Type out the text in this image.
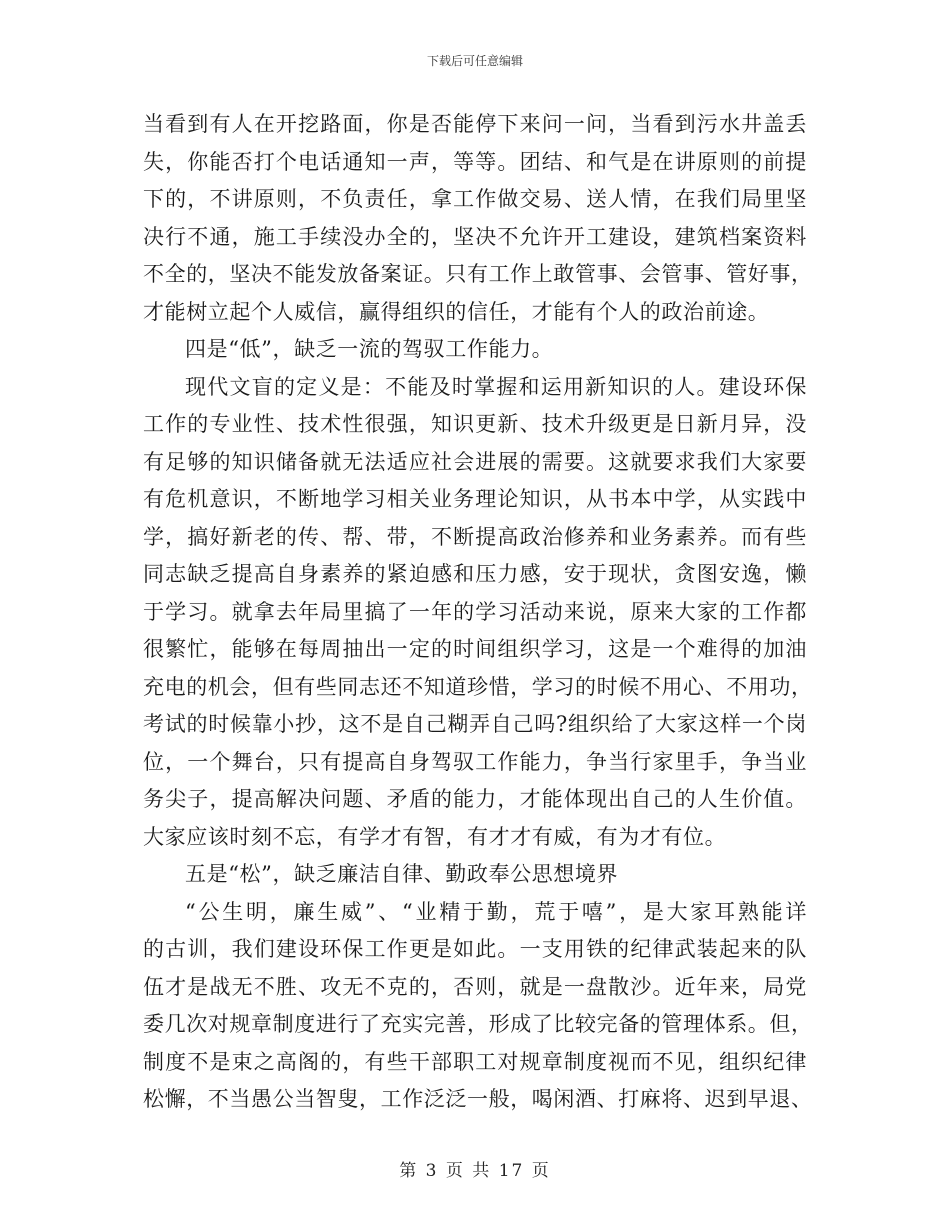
下载后可任意编辑
当看到有人在开挖路面，你是否能停下来问一问，当看到污水井盖丢
失，你能否打个电话通知一声，等等。团结、和气是在讲原则的前提
下的，不讲原则，不负责任，拿工作做交易、送人情，在我们局里坚
决行不通，施工手续没办全的，坚决不允许开工建设，建筑档案资料
不全的，坚决不能发放备案证。只有工作上敢管事、会管事、管好事，
才能树立起个人威信，赢得组织的信任，才能有个人的政治前途。
四是“低”，缺乏一流的驾驭工作能力。
现代文盲的定义是：不能及时掌握和运用新知识的人。建设环保
工作的专业性、技术性很强，知识更新、技术升级更是日新月异，没
有足够的知识储备就无法适应社会进展的需要。这就要求我们大家要
有危机意识，不断地学习相关业务理论知识，从书本中学，从实践中
学，搞好新老的传、帮、带，不断提高政治修养和业务素养。而有些
同志缺乏提高自身素养的紧迫感和压力感，安于现状，贪图安逸，懒
于学习。就拿去年局里搞了一年的学习活动来说，原来大家的工作都
很繁忙，能够在每周抽出一定的时间组织学习，这是一个难得的加油
充电的机会，但有些同志还不知道珍惜，学习的时候不用心、不用功，
考试的时候靠小抄，这不是自己糊弄自己吗?组织给了大家这样一个岗
位，一个舞台，只有提高自身驾驭工作能力，争当行家里手，争当业
务尖子，提高解决问题、矛盾的能力，才能体现出自己的人生价值。
大家应该时刻不忘，有学才有智，有才才有威，有为才有位。
五是“松”，缺乏廉洁自律、勤政奉公思想境界
“公生明，廉生威”、“业精于勤，荒于嘻”，是大家耳熟能详
的古训，我们建设环保工作更是如此。一支用铁的纪律武装起来的队
伍才是战无不胜、攻无不克的，否则，就是一盘散沙。近年来，局党
委几次对规章制度进行了充实完善，形成了比较完备的管理体系。但，
制度不是束之高阁的，有些干部职工对规章制度视而不见，组织纪律
松懈，不当愚公当智叟，工作泛泛一般，喝闲酒、打麻将、迟到早退、
第 3 页 共 17 页
